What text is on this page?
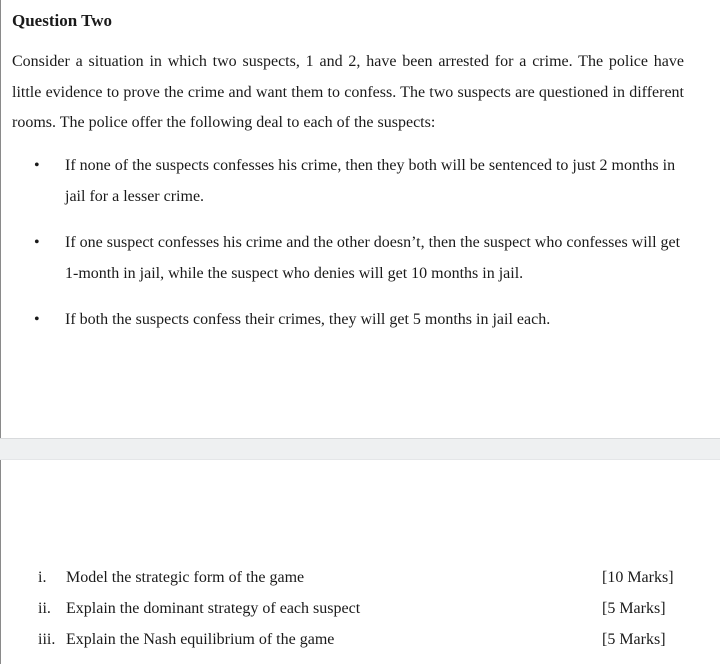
Question Two

Consider a situation in which two suspects, 1 and 2, have been arrested for a crime. The police have little evidence to prove the crime and want them to confess. The two suspects are questioned in different rooms. The police offer the following deal to each of the suspects:

•	If none of the suspects confesses his crime, then they both will be sentenced to just 2 months in jail for a lesser crime.
•	If one suspect confesses his crime and the other doesn’t, then the suspect who confesses will get 1-month in jail, while the suspect who denies will get 10 months in jail.
•	If both the suspects confess their crimes, they will get 5 months in jail each.
i. Model the strategic form of the game	[10 Marks]
ii. Explain the dominant strategy of each suspect	[5 Marks]
iii. Explain the Nash equilibrium of the game	[5 Marks]
